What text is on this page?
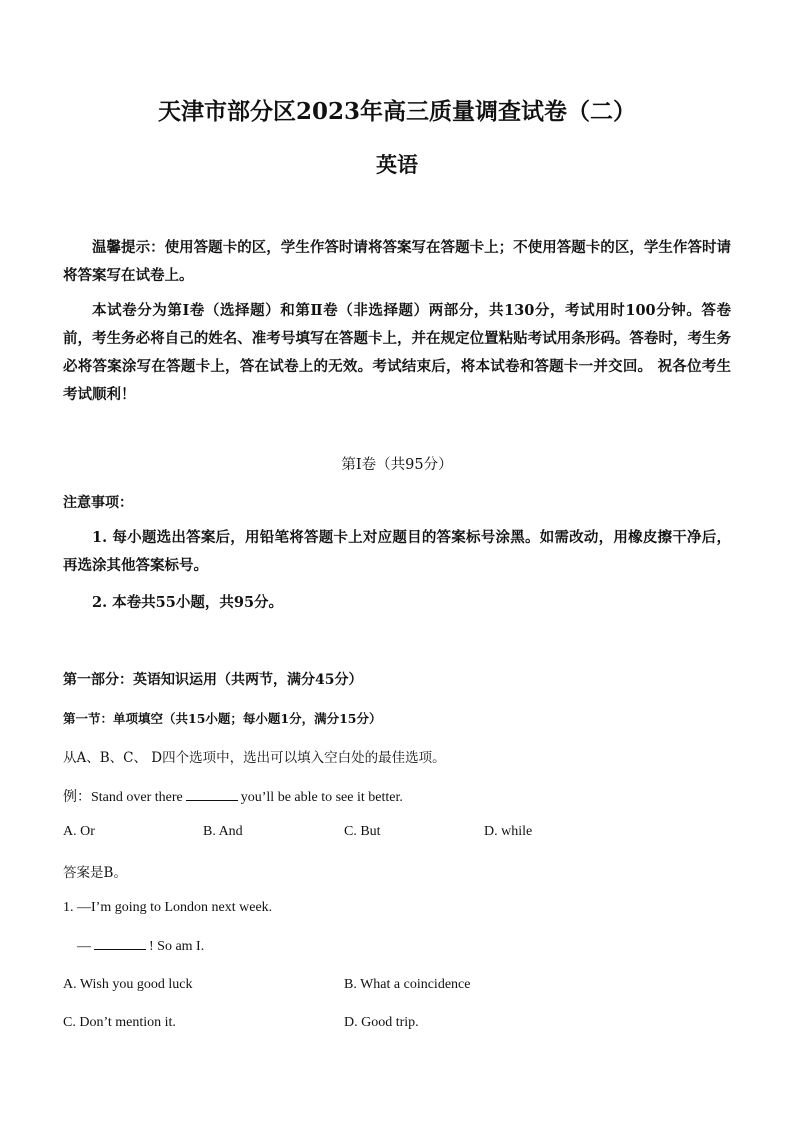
天津市部分区2023年高三质量调查试卷（二）
英语
温馨提示：使用答题卡的区，学生作答时请将答案写在答题卡上；不使用答题卡的区，学生作答时请将答案写在试卷上。
本试卷分为第Ⅰ卷（选择题）和第Ⅱ卷（非选择题）两部分，共130分，考试用时100分钟。答卷前，考生务必将自己的姓名、准考号填写在答题卡上，并在规定位置粘贴考试用条形码。答卷时，考生务必将答案涂写在答题卡上，答在试卷上的无效。考试结束后，将本试卷和答题卡一并交回。 祝各位考生考试顺利！
第Ⅰ卷（共95分）
注意事项：
1. 每小题选出答案后，用铅笔将答题卡上对应题目的答案标号涂黑。如需改动，用橡皮擦干净后，再选涂其他答案标号。
2. 本卷共55小题，共95分。
第一部分：英语知识运用（共两节，满分45分）
第一节：单项填空（共15小题；每小题1分，满分15分）
从A、B、C、 D四个选项中，选出可以填入空白处的最佳选项。
例：Stand over there	you’ll be able to see it better.
A. Or	B. And	C. But	D. while
答案是B。
1. —I’m going to London next week.
—	! So am I.
A. Wish you good luck	B. What a coincidence
C. Don’t mention it.	D. Good trip.
